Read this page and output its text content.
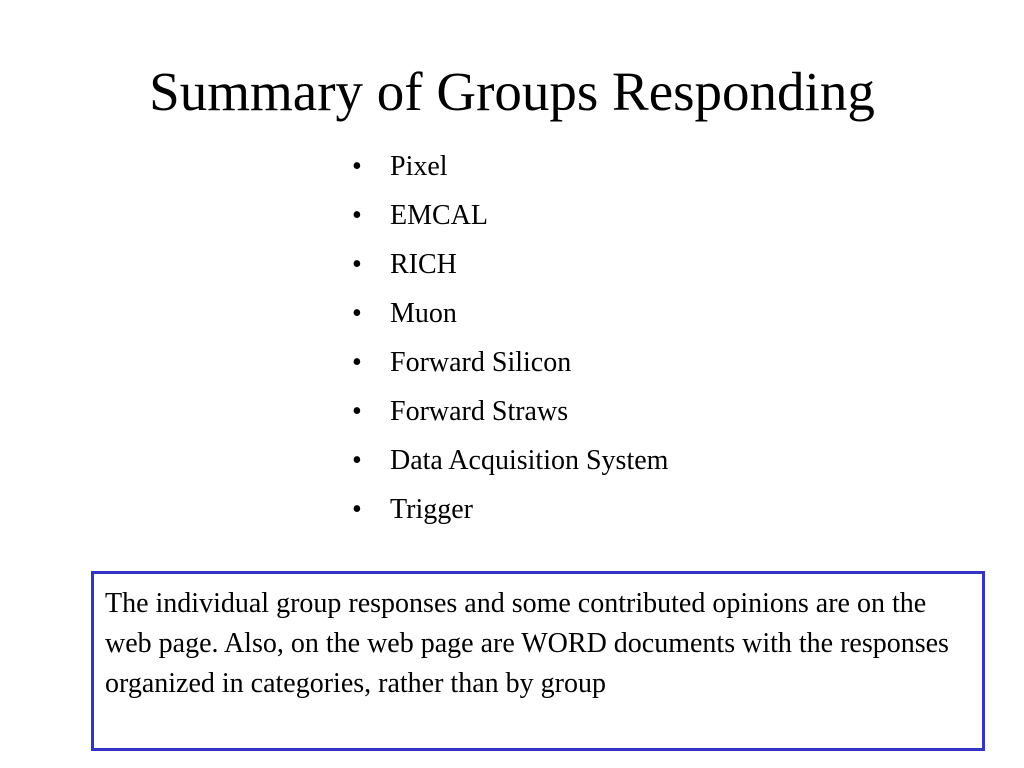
Summary of Groups Responding
•	Pixel
•	EMCAL
•	RICH
•	Muon
•	Forward Silicon
•	Forward Straws
•	Data Acquisition System
•	Trigger
The individual group responses and some contributed opinions are on the web page. Also, on the web page are WORD documents with the responses organized in categories, rather than by group
